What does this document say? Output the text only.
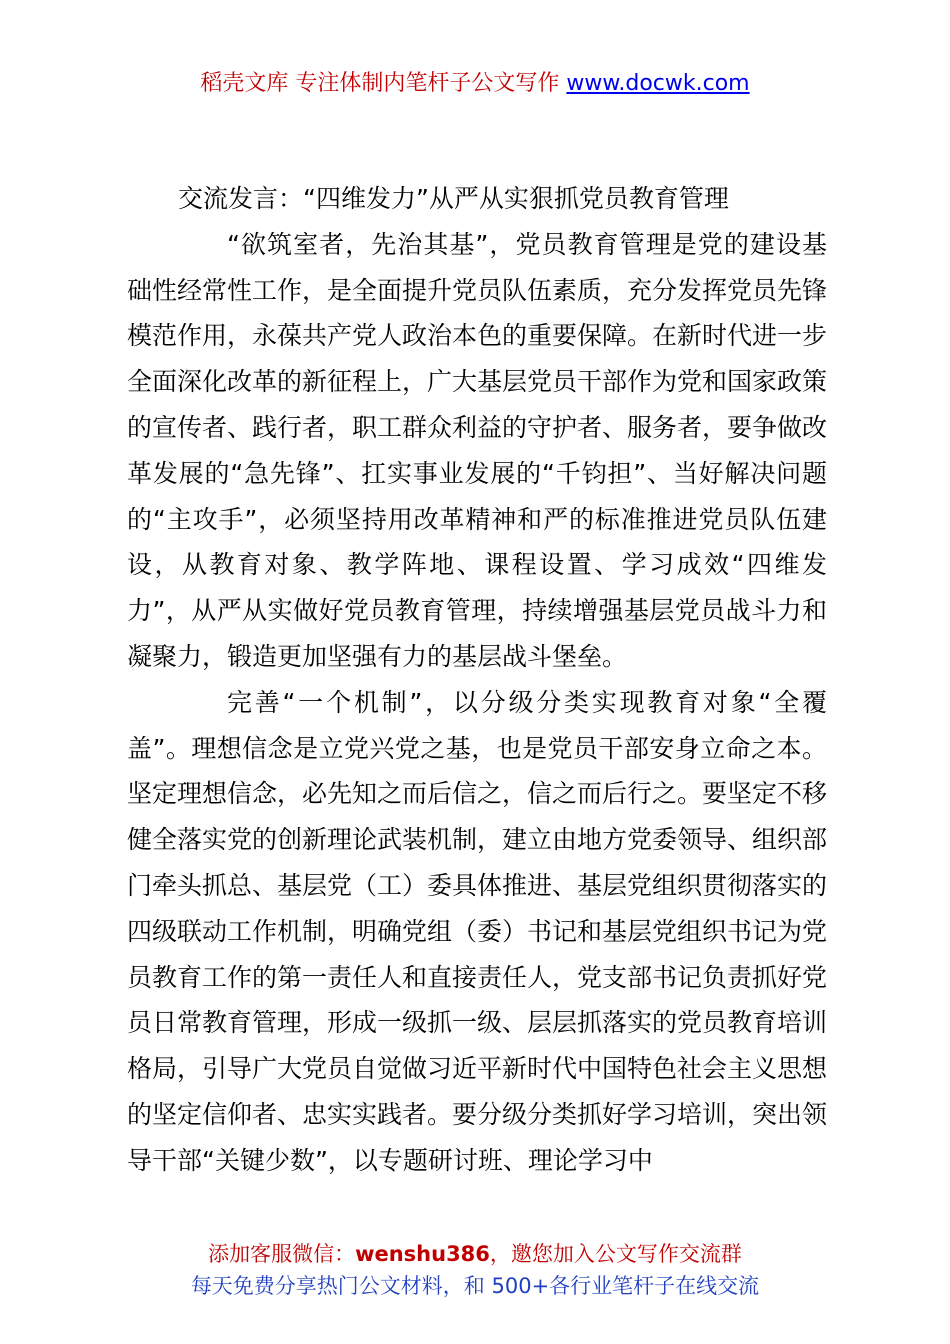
稻壳文库 专注体制内笔杆子公文写作 www.docwk.com
交流发言：“四维发力”从严从实狠抓党员教育管理

“欲筑室者，先治其基”，党员教育管理是党的建设基础性经常性工作，是全面提升党员队伍素质，充分发挥党员先锋模范作用，永葆共产党人政治本色的重要保障。在新时代进一步全面深化改革的新征程上，广大基层党员干部作为党和国家政策的宣传者、践行者，职工群众利益的守护者、服务者，要争做改革发展的“急先锋”、扛实事业发展的“千钧担”、当好解决问题的“主攻手”，必须坚持用改革精神和严的标准推进党员队伍建设，从教育对象、教学阵地、课程设置、学习成效“四维发力”，从严从实做好党员教育管理，持续增强基层党员战斗力和凝聚力，锻造更加坚强有力的基层战斗堡垒。

完善“一个机制”，以分级分类实现教育对象“全覆盖”。理想信念是立党兴党之基，也是党员干部安身立命之本。坚定理想信念，必先知之而后信之，信之而后行之。要坚定不移健全落实党的创新理论武装机制，建立由地方党委领导、组织部门牵头抓总、基层党（工）委具体推进、基层党组织贯彻落实的四级联动工作机制，明确党组（委）书记和基层党组织书记为党员教育工作的第一责任人和直接责任人，党支部书记负责抓好党员日常教育管理，形成一级抓一级、层层抓落实的党员教育培训格局，引导广大党员自觉做习近平新时代中国特色社会主义思想的坚定信仰者、忠实实践者。要分级分类抓好学习培训，突出领导干部“关键少数”，以专题研讨班、理论学习中

添加客服微信：wenshu386，邀您加入公文写作交流群
每天免费分享热门公文材料，和 500+各行业笔杆子在线交流
